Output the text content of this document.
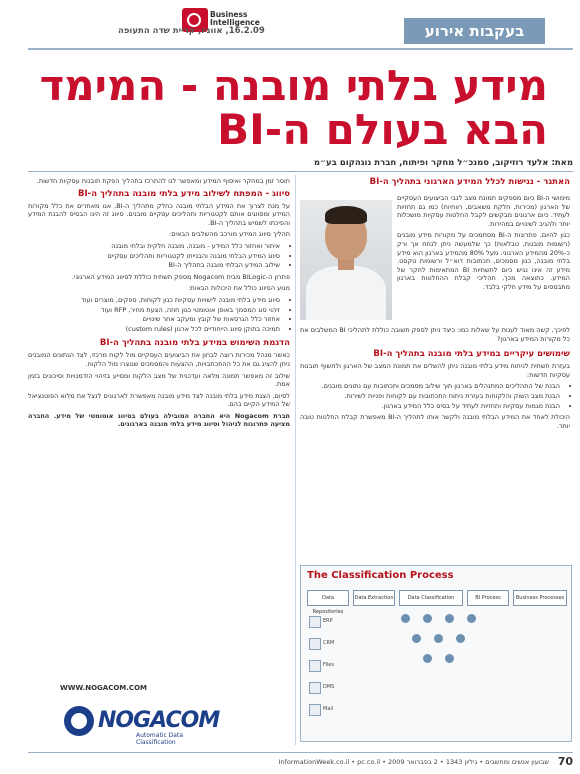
Business
Intelligence
16.2.09, אווניו, קריית שדה התעופה	בעקבות אירוע
מידע בלתי מובנה - המימד הבא בעולם ה-BI
מאת: אלעד רוזיקוב, סמנכ״ל מחקר ופיתוח, חברת נוגהקום בע״מ
האתגר - נגישות לכלל המידע הארגוני בתהליך ה-BI

מימושי ה-BI כיום מספקים תמונת מצב לגבי הביצועים העסקיים של הארגון (מכירות, חלקת משאבים, רווחיות) כמו גם תחזיות לעתיד. כיום ארגונים מבקשים לקבל החלטות עסקיות מושכלות יותר ולהגיב לשינויים במהירות.

כגון להיום, פתרונות ה-BI מסתמכים על מקורות מידע מובנים (רשומות מובנות, טבלאות) כך שלמעשה ניתן לנתח אך ורק כ-20% מהמידע הארגוני. מעל 80% מהמידע בארגון הוא מידע בלתי מובנה, כגון מסמכים, תכתובות דוא״ל ורשומות טקסט. מידע זה אינו נגיש כיום לתשתיות BI המתאימות לחקר של המידע. כתוצאה מכך, תהליכי קבלת ההחלטות בארגון מתבססים על מידע חלקי בלבד.

לפיכך, קשה מאוד לענות על שאלות כמו: כיצד ניתן לספק תשובה כוללת לתהליכי BI המשלבים את כל מקורות המידע בארגון?

שימושים עיקריים במידע בלתי מובנה בתהליך ה-BI

בעזרת תשתית לניתוח מידע בלתי מובנה ניתן להשלים את תמונת המצב של הארגון ולחשוף תובנות עסקיות חדשות:

• הבנת של התהליכים המתנהלים בארגון תוך שילוב מסמכים ותכתובות עם נתונים מובנים.
• הבנת מצב השוק והלקוחות בעזרת ניתוח התכתובות עם לקוחות ופניות לשירות.
• הבנת מגמות עסקיות ותחזיות לעתיד על בסיס כלל המידע בארגון.

היכולת לאחד את המידע הבלתי מובנה ולקשר אותו לתהליך ה-BI מאפשרת קבלת החלטות טובה יותר.

The Classification Process
Data Repositories
Data Extraction	Data Classification	BI Process	Business Processes
ERP
CRM
Files
DMS
Mail

חוסר זמן במחקר ואיסוף המידע ומאפשר לנו להתרכז בתהליך הפקת תובנות עסקיות חדשות.

סיווג - המפתח לשילוב מידע בלתי מובנה בתהליך ה-BI

על מנת לצרוך את המידע הבלתי מובנה כחלק מתהליך ה-BI, אנו מאתרים את כלל מקורות המידע ומסווגים אותם לקטגוריות ותהליכים עסקיים מובנים. סיווג זה הינו הבסיס להבנת המידע והפיכתו לשמיש בתהליך ה-BI.

תהליך סיווג המידע מורכב מהשלבים הבאים:

• איתור ואחזור כלל המידע - מובנה, מובנה חלקית ובלתי מובנה
• סיווג המידע הבלתי מובנה והבנייתו לקטגוריות ותהליכים עסקיים
• שילוב המידע הבלתי מובנה בתהליך ה-BI

פתרון ה-BILogic מבית Nogacom מספק תשתית כוללת לסיווג המידע הארגוני.

מנוע הסיווג כולל את היכולות הבאות:

• סיווג מידע בלתי מובנה לישויות עסקיות כגון לקוחות, ספקים, מוצרים ועוד
• זיהוי סוג המסמך באופן אוטומטי כגון חוזה, הצעת מחיר, RFP ועוד
• אחזור כלל הגרסאות של קובץ ומעקב אחר שינויים
• תמיכה בתוקן סיווג הייחודיים לכל ארגון (custom rules)
הדגמת השימוש במידע בלתי מובנה בתהליך ה-BI

כאשר מנהל מכירות רוצה לבחון את הביצועים העסקיים מול לקוח מרכזי, לצד הנתונים המובנים ניתן להציג גם את כל ההתכתבויות, ההצעות והמסמכים שנוצרו מול הלקוח.

שילוב זה מאפשר תמונה מלאה ועדכנית של מצב הלקוח ומסייע בזיהוי הזדמנויות וסיכונים בזמן אמת.

לסיום, הצגת מידע בלתי מובנה לצד מידע מובנה מאפשרת לארגונים לנצל את מלוא הפוטנציאל של המידע הקיים בהם.

חברת Nogacom היא החברה המובילה בעולם בסיווג אוטומטי של מידע. החברה מציעה פתרונות לניהול וסיווג מידע בלתי מובנה בארגונים.

WWW.NOGACOM.COM
NOGACOM
Automatic Data Classification
70
שבועון אנשים ומחשבים • גיליון 1343 • 2 בפברואר 2009 • InformationWeek.co.il • pc.co.il
